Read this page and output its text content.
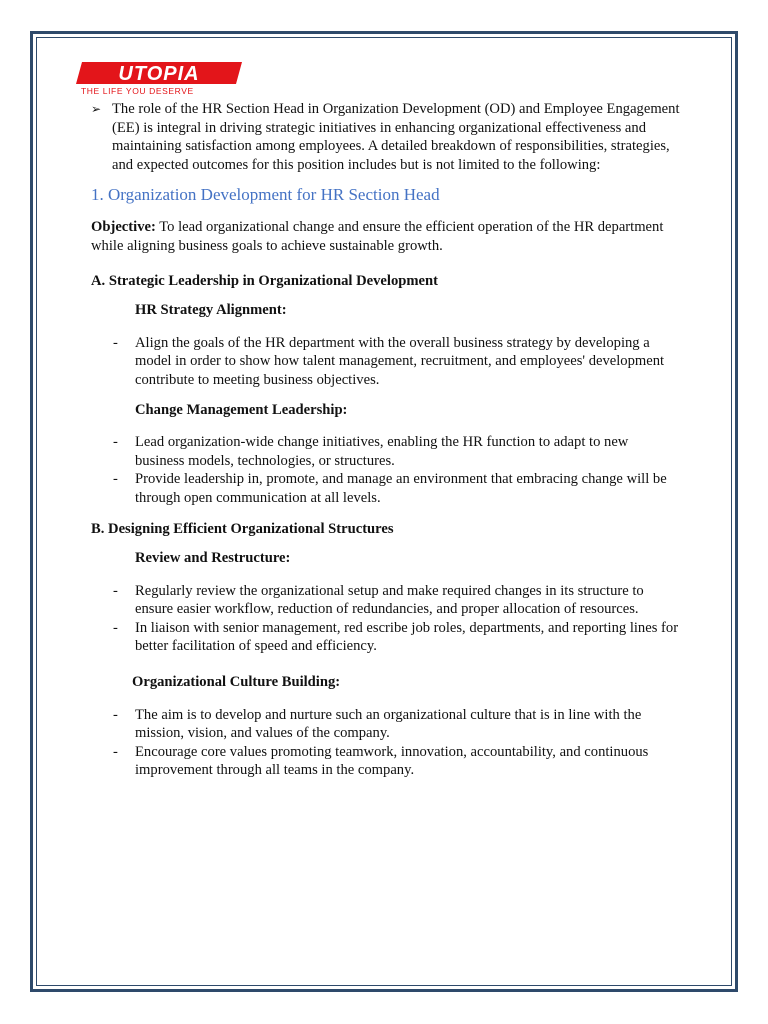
UTOPIA
THE LIFE YOU DESERVE
➢ The role of the HR Section Head in Organization Development (OD) and Employee Engagement (EE) is integral in driving strategic initiatives in enhancing organizational effectiveness and maintaining satisfaction among employees. A detailed breakdown of responsibilities, strategies, and expected outcomes for this position includes but is not limited to the following:
1. Organization Development for HR Section Head
Objective: To lead organizational change and ensure the efficient operation of the HR department while aligning business goals to achieve sustainable growth.
A. Strategic Leadership in Organizational Development
HR Strategy Alignment:
-	Align the goals of the HR department with the overall business strategy by developing a model in order to show how talent management, recruitment, and employees' development contribute to meeting business objectives.
Change Management Leadership:
-	Lead organization-wide change initiatives, enabling the HR function to adapt to new business models, technologies, or structures.
-	Provide leadership in, promote, and manage an environment that embracing change will be through open communication at all levels.
B. Designing Efficient Organizational Structures
Review and Restructure:
-	Regularly review the organizational setup and make required changes in its structure to ensure easier workflow, reduction of redundancies, and proper allocation of resources.
-	In liaison with senior management, red escribe job roles, departments, and reporting lines for better facilitation of speed and efficiency.
Organizational Culture Building:
-	The aim is to develop and nurture such an organizational culture that is in line with the mission, vision, and values of the company.
-	Encourage core values promoting teamwork, innovation, accountability, and continuous improvement through all teams in the company.
